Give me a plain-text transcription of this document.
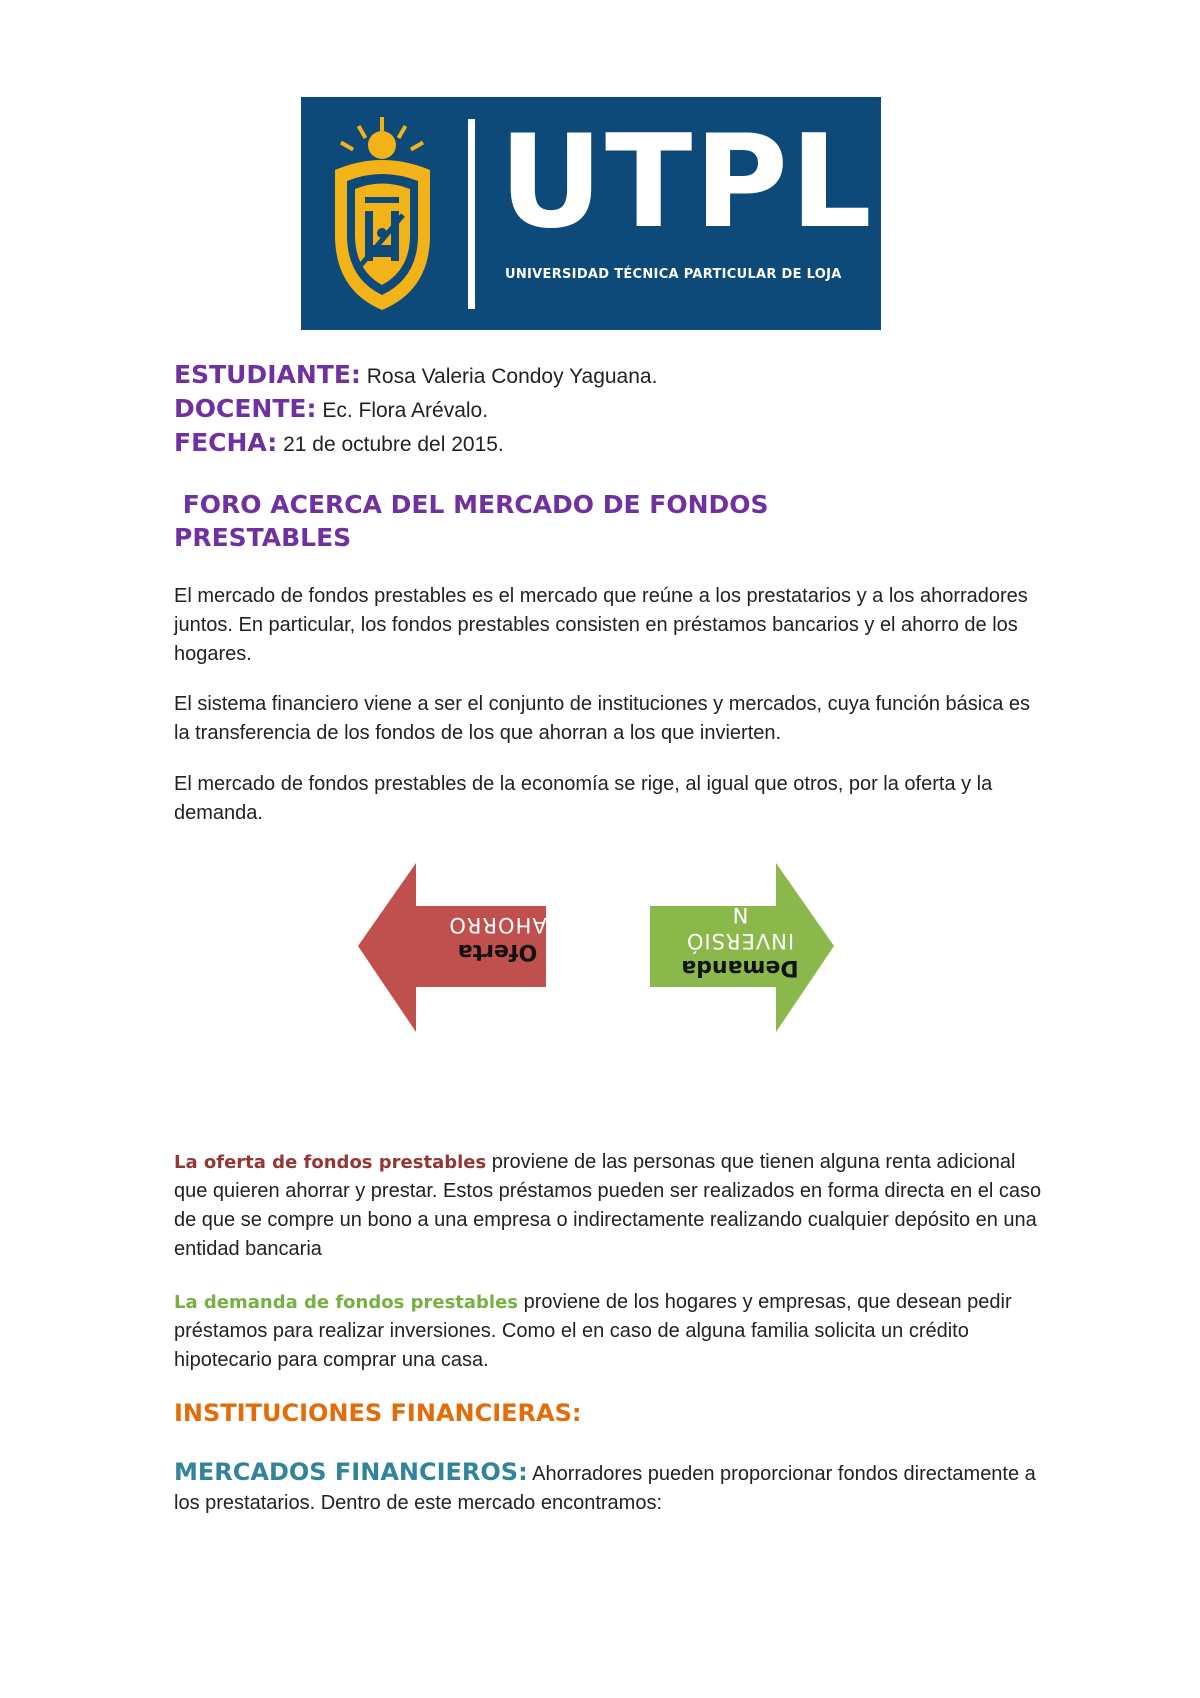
UTPL
UNIVERSIDAD TÉCNICA PARTICULAR DE LOJA
ESTUDIANTE: Rosa Valeria Condoy Yaguana.
DOCENTE: Ec. Flora Arévalo.
FECHA: 21 de octubre del 2015.
FORO ACERCA DEL MERCADO DE FONDOS
PRESTABLES

El mercado de fondos prestables es el mercado que reúne a los prestatarios y a los ahorradores juntos. En particular, los fondos prestables consisten en préstamos bancarios y el ahorro de los hogares.

El sistema financiero viene a ser el conjunto de instituciones y mercados, cuya función básica es la transferencia de los fondos de los que ahorran a los que invierten.

El mercado de fondos prestables de la economía se rige, al igual que otros, por la oferta y la demanda.

Oferta
AHORRO
Demanda
INVERSIÓ
N

La oferta de fondos prestables proviene de las personas que tienen alguna renta adicional que quieren ahorrar y prestar. Estos préstamos pueden ser realizados en forma directa en el caso de que se compre un bono a una empresa o indirectamente realizando cualquier depósito en una entidad bancaria

La demanda de fondos prestables proviene de los hogares y empresas, que desean pedir préstamos para realizar inversiones. Como el en caso de alguna familia solicita un crédito hipotecario para comprar una casa.

INSTITUCIONES FINANCIERAS:

MERCADOS FINANCIEROS: Ahorradores pueden proporcionar fondos directamente a los prestatarios. Dentro de este mercado encontramos:
